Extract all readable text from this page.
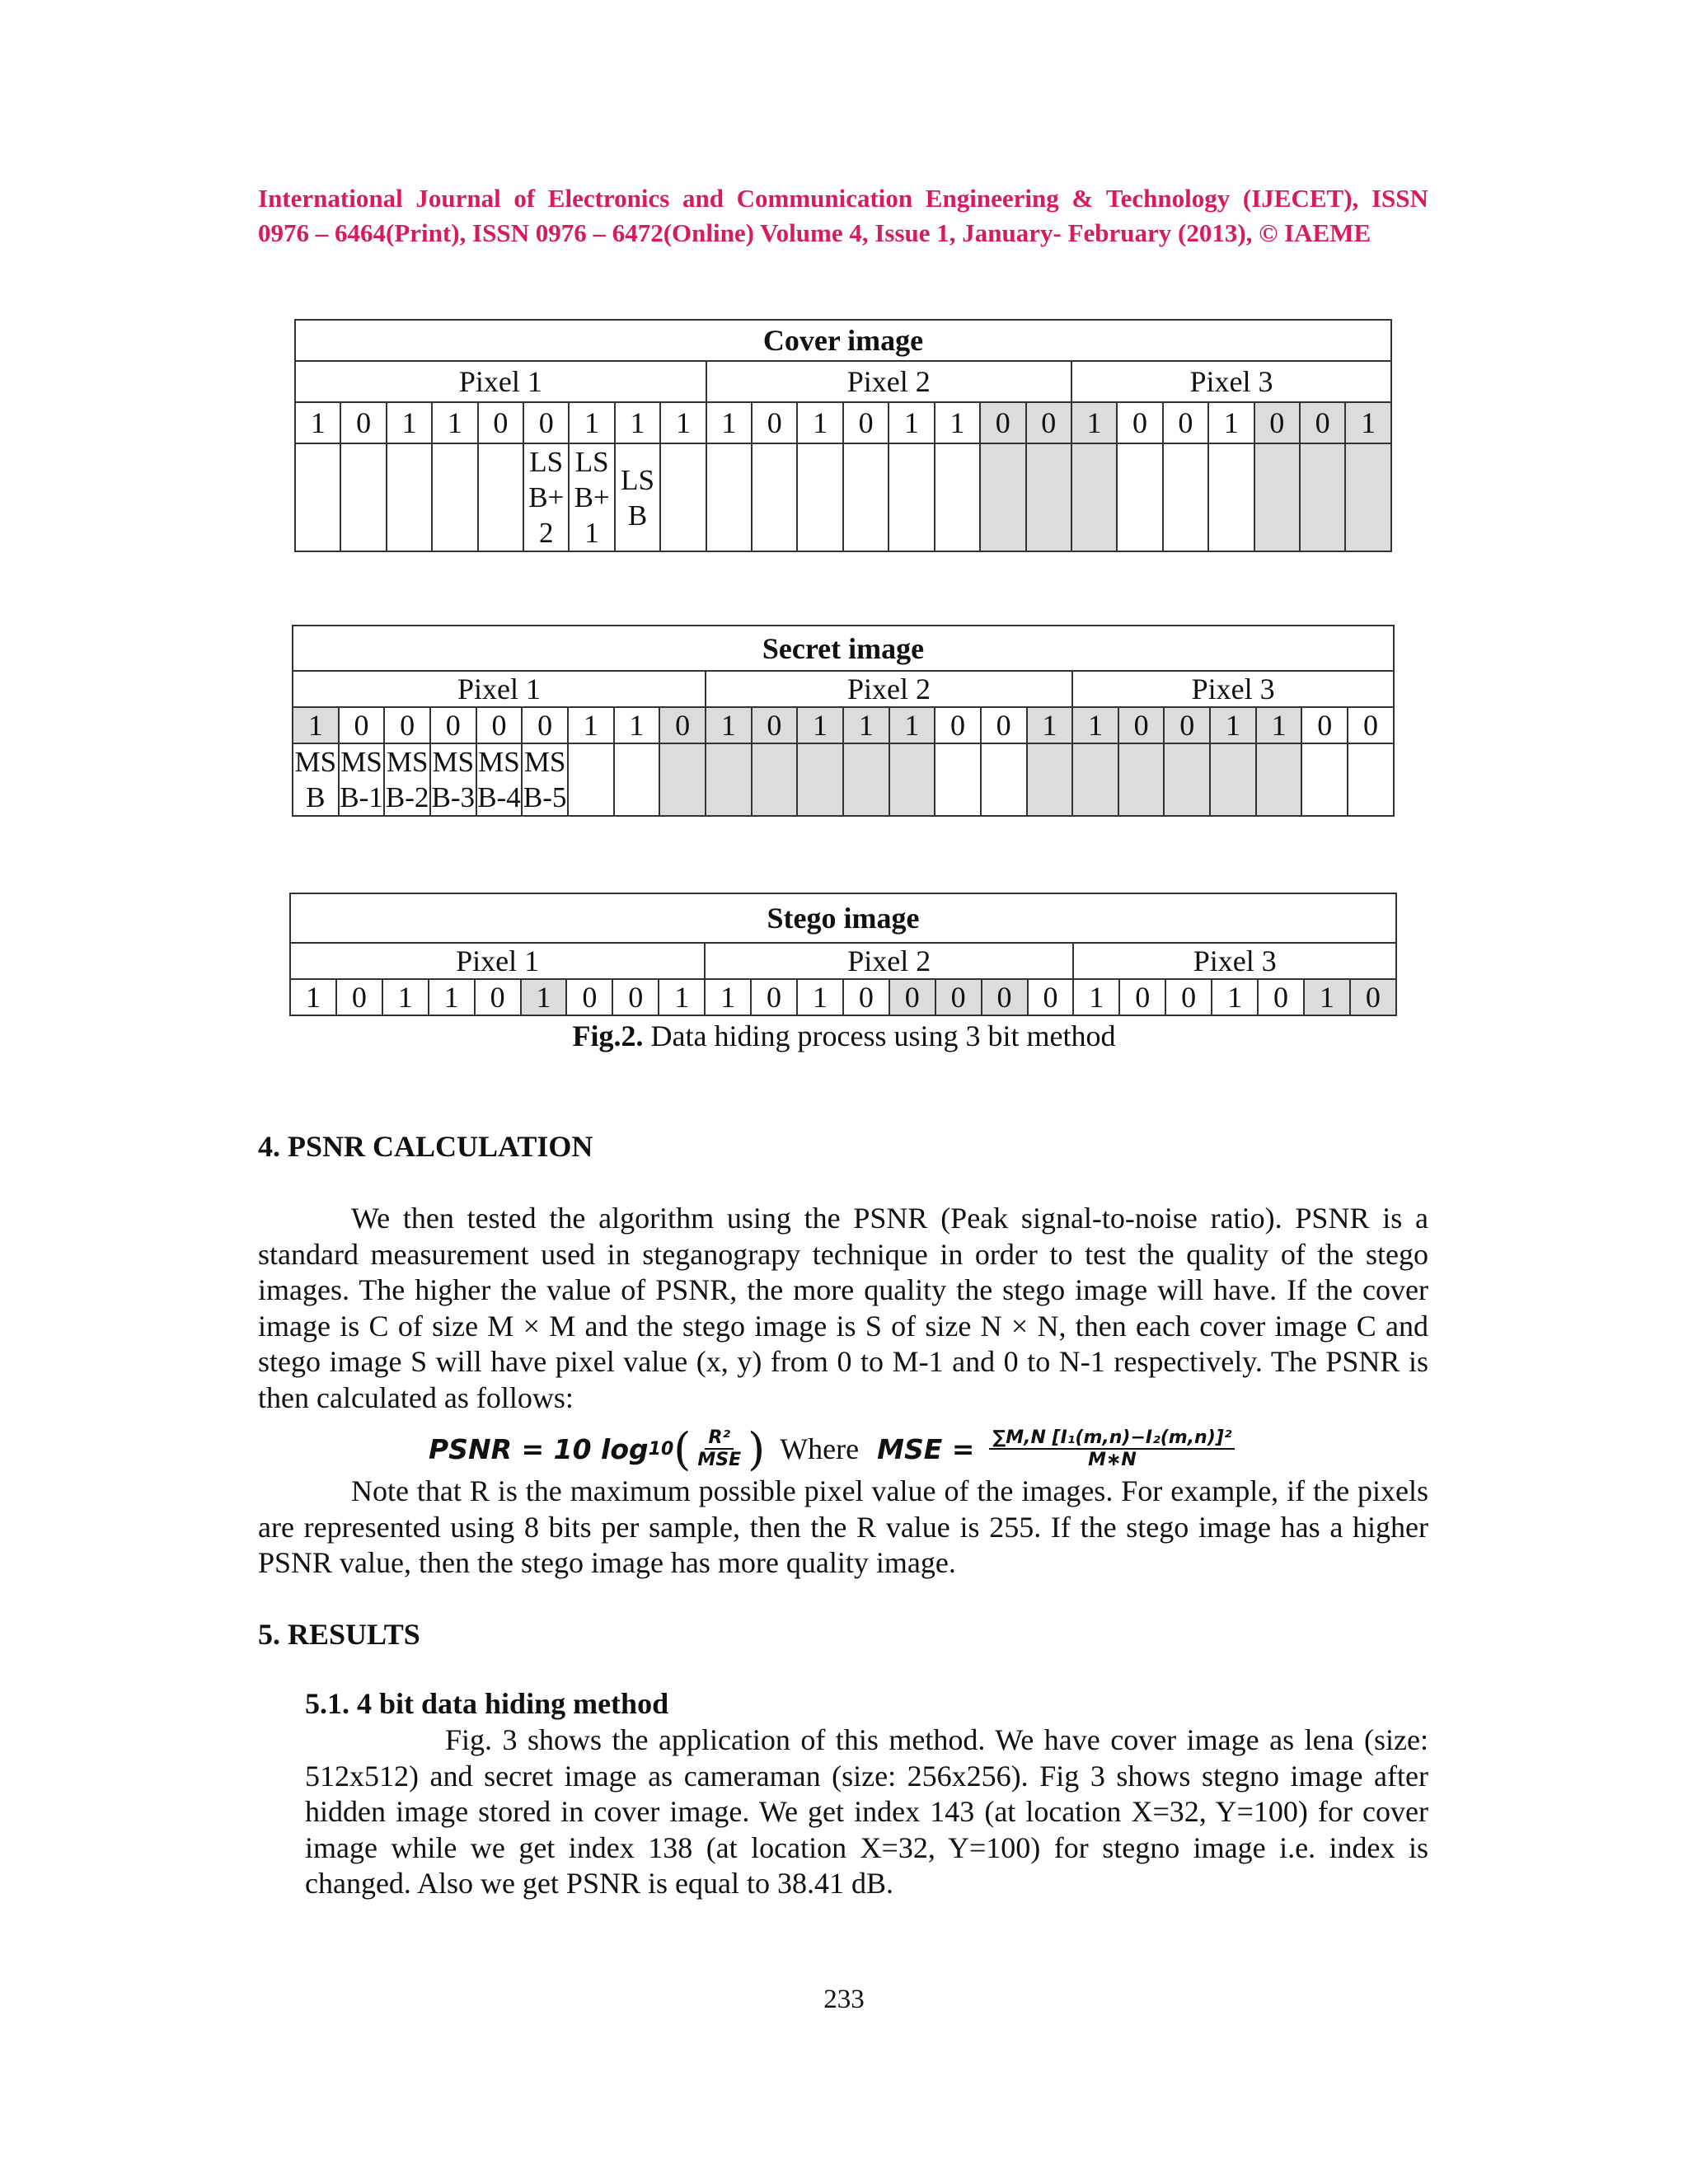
International Journal of Electronics and Communication Engineering & Technology (IJECET), ISSN
0976 – 6464(Print), ISSN 0976 – 6472(Online) Volume 4, Issue 1, January- February (2013), © IAEME
Cover image																							
Pixel 1									Pixel 2								Pixel 3						
1	0	1	1	0	0	1	1	1	1	0	1	0	1	1	0	0	1	0	0	1	0	0	1
					LS B+ 2	LS B+ 1	LS B																
Secret image																							
Pixel 1									Pixel 2								Pixel 3						
1	0	0	0	0	0	1	1	0	1	0	1	1	1	0	0	1	1	0	0	1	1	0	0
MS B	MS B-1	MS B-2	MS B-3	MS B-4	MS B-5																		
Stego image																							
Pixel 1									Pixel 2								Pixel 3						
1	0	1	1	0	1	0	0	1	1	0	1	0	0	0	0	0	1	0	0	1	0	1	0
Fig.2. Data hiding process using 3 bit method
4. PSNR CALCULATION
We then tested the algorithm using the PSNR (Peak signal-to-noise ratio). PSNR is a standard measurement used in steganograpy technique in order to test the quality of the stego images. The higher the value of PSNR, the more quality the stego image will have. If the cover image is C of size M × M and the stego image is S of size N × N, then each cover image C and stego image S will have pixel value (x, y) from 0 to M-1 and 0 to N-1 respectively. The PSNR is then calculated as follows:
PSNR = 10 log 10 ( $\frac{\text{R²}}{\text{MSE}}$ ) Where MSE = $\frac{\text{∑M,N [I₁(m,n)−I₂(m,n)]²}}{M∗N}$
Note that R is the maximum possible pixel value of the images. For example, if the pixels are represented using 8 bits per sample, then the R value is 255. If the stego image has a higher PSNR value, then the stego image has more quality image.
5. RESULTS
5.1. 4 bit data hiding method
Fig. 3 shows the application of this method. We have cover image as lena (size: 512x512) and secret image as cameraman (size: 256x256). Fig 3 shows stegno image after hidden image stored in cover image. We get index 143 (at location X=32, Y=100) for cover image while we get index 138 (at location X=32, Y=100) for stegno image i.e. index is changed. Also we get PSNR is equal to 38.41 dB.
233
